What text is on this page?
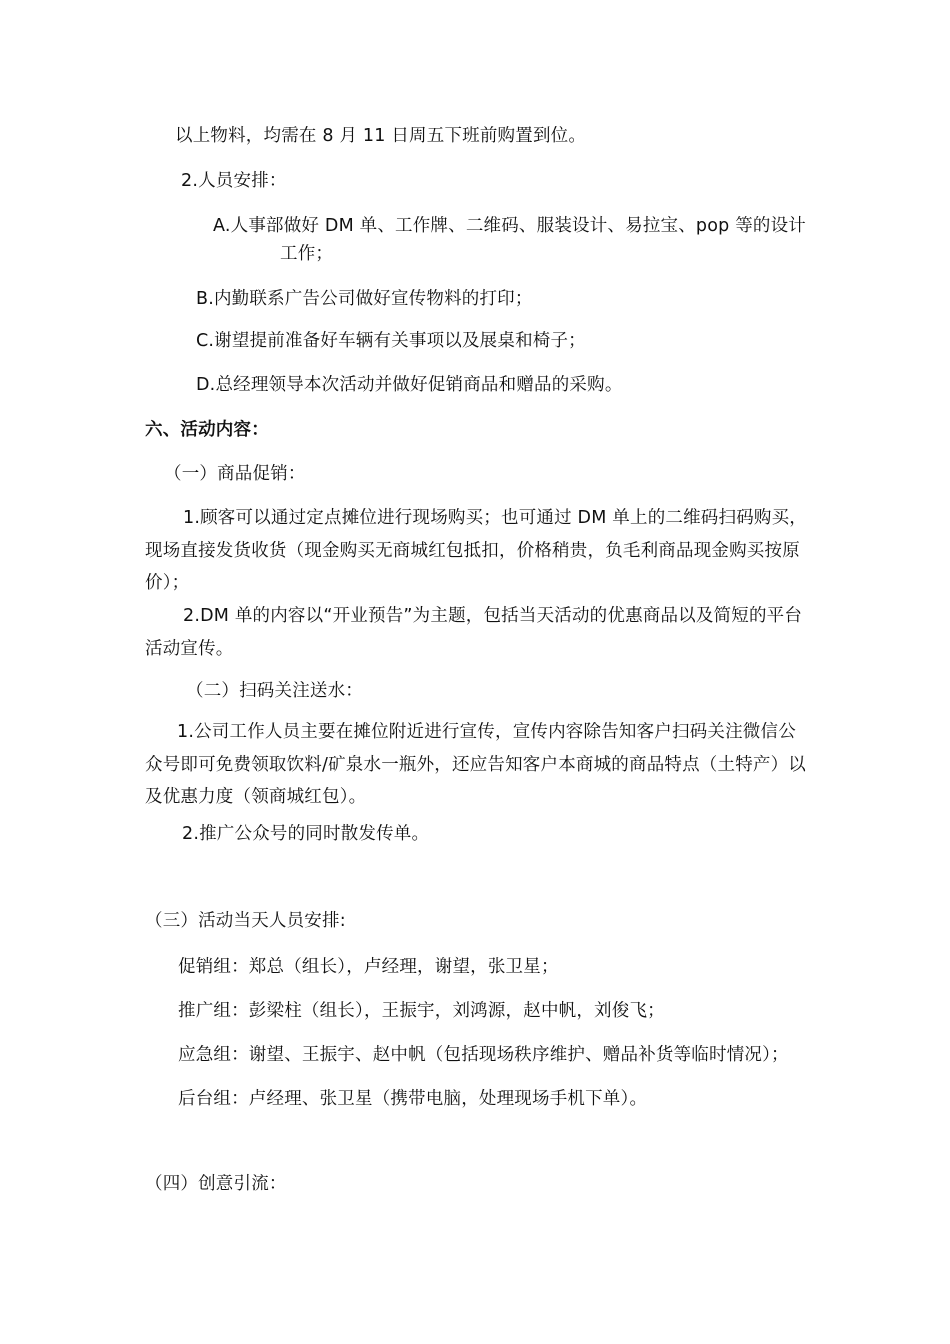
以上物料，均需在 8 月 11 日周五下班前购置到位。
2.人员安排：
A.人事部做好 DM 单、工作牌、二维码、服装设计、易拉宝、pop 等的设计
工作；
B.内勤联系广告公司做好宣传物料的打印；
C.谢望提前准备好车辆有关事项以及展桌和椅子；
D.总经理领导本次活动并做好促销商品和赠品的采购。
六、活动内容：
（一）商品促销：
1.顾客可以通过定点摊位进行现场购买；也可通过 DM 单上的二维码扫码购买，现场直接发货收货（现金购买无商城红包抵扣，价格稍贵，负毛利商品现金购买按原价）；
2.DM 单的内容以“开业预告”为主题，包括当天活动的优惠商品以及简短的平台活动宣传。
（二）扫码关注送水：
1.公司工作人员主要在摊位附近进行宣传，宣传内容除告知客户扫码关注微信公众号即可免费领取饮料/矿泉水一瓶外，还应告知客户本商城的商品特点（土特产）以及优惠力度（领商城红包）。
2.推广公众号的同时散发传单。
（三）活动当天人员安排:
促销组：郑总（组长），卢经理，谢望，张卫星；
推广组：彭梁柱（组长），王振宇，刘鸿源，赵中帆，刘俊飞；
应急组：谢望、王振宇、赵中帆（包括现场秩序维护、赠品补货等临时情况）；
后台组：卢经理、张卫星（携带电脑，处理现场手机下单）。
（四）创意引流：
